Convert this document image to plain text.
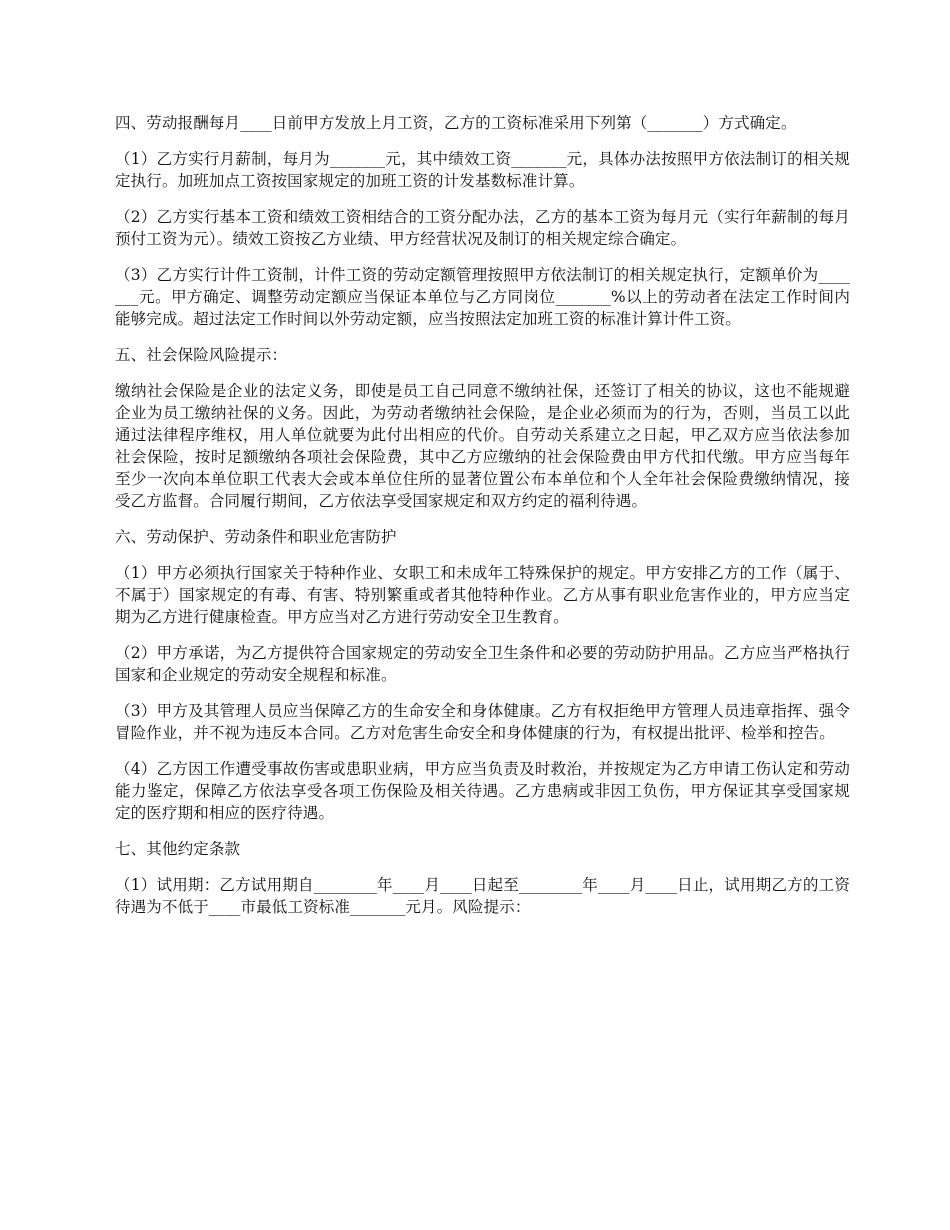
四、劳动报酬每月____日前甲方发放上月工资，乙方的工资标准采用下列第（_______）方式确定。

（1）乙方实行月薪制，每月为_______元，其中绩效工资_______元，具体办法按照甲方依法制订的相关规定执行。加班加点工资按国家规定的加班工资的计发基数标准计算。

（2）乙方实行基本工资和绩效工资相结合的工资分配办法，乙方的基本工资为每月元（实行年薪制的每月预付工资为元）。绩效工资按乙方业绩、甲方经营状况及制订的相关规定综合确定。

（3）乙方实行计件工资制，计件工资的劳动定额管理按照甲方依法制订的相关规定执行，定额单价为_______元。甲方确定、调整劳动定额应当保证本单位与乙方同岗位_______%以上的劳动者在法定工作时间内能够完成。超过法定工作时间以外劳动定额，应当按照法定加班工资的标准计算计件工资。

五、社会保险风险提示：

缴纳社会保险是企业的法定义务，即使是员工自己同意不缴纳社保，还签订了相关的协议，这也不能规避企业为员工缴纳社保的义务。因此，为劳动者缴纳社会保险，是企业必须而为的行为，否则，当员工以此通过法律程序维权，用人单位就要为此付出相应的代价。自劳动关系建立之日起，甲乙双方应当依法参加社会保险，按时足额缴纳各项社会保险费，其中乙方应缴纳的社会保险费由甲方代扣代缴。甲方应当每年至少一次向本单位职工代表大会或本单位住所的显著位置公布本单位和个人全年社会保险费缴纳情况，接受乙方监督。合同履行期间，乙方依法享受国家规定和双方约定的福利待遇。

六、劳动保护、劳动条件和职业危害防护

（1）甲方必须执行国家关于特种作业、女职工和未成年工特殊保护的规定。甲方安排乙方的工作（属于、不属于）国家规定的有毒、有害、特别繁重或者其他特种作业。乙方从事有职业危害作业的，甲方应当定期为乙方进行健康检查。甲方应当对乙方进行劳动安全卫生教育。

（2）甲方承诺，为乙方提供符合国家规定的劳动安全卫生条件和必要的劳动防护用品。乙方应当严格执行国家和企业规定的劳动安全规程和标准。

（3）甲方及其管理人员应当保障乙方的生命安全和身体健康。乙方有权拒绝甲方管理人员违章指挥、强令冒险作业，并不视为违反本合同。乙方对危害生命安全和身体健康的行为，有权提出批评、检举和控告。

（4）乙方因工作遭受事故伤害或患职业病，甲方应当负责及时救治，并按规定为乙方申请工伤认定和劳动能力鉴定，保障乙方依法享受各项工伤保险及相关待遇。乙方患病或非因工负伤，甲方保证其享受国家规定的医疗期和相应的医疗待遇。

七、其他约定条款

（1）试用期：乙方试用期自________年____月____日起至________年____月____日止，试用期乙方的工资待遇为不低于____市最低工资标准_______元月。风险提示：
